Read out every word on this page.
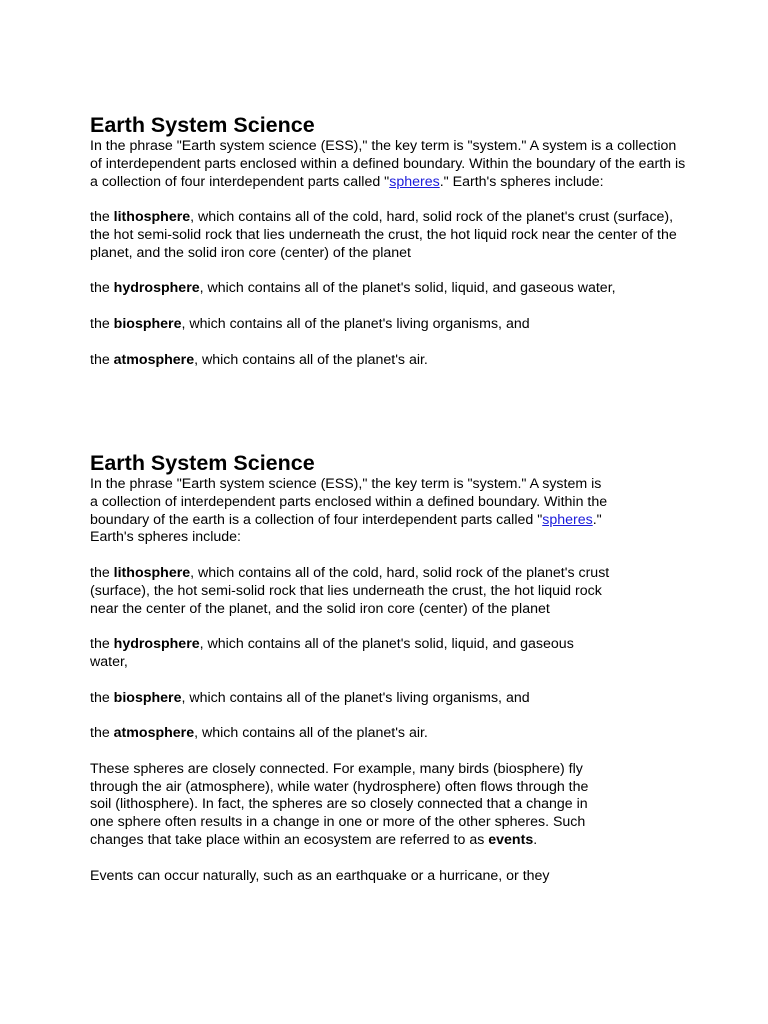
Earth System Science

In the phrase "Earth system science (ESS)," the key term is "system." A system is a collection of interdependent parts enclosed within a defined boundary. Within the boundary of the earth is a collection of four interdependent parts called "spheres." Earth's spheres include:

the lithosphere, which contains all of the cold, hard, solid rock of the planet's crust (surface), the hot semi-solid rock that lies underneath the crust, the hot liquid rock near the center of the planet, and the solid iron core (center) of the planet

the hydrosphere, which contains all of the planet's solid, liquid, and gaseous water,

the biosphere, which contains all of the planet's living organisms, and

the atmosphere, which contains all of the planet's air.

Earth System Science

In the phrase "Earth system science (ESS)," the key term is "system." A system is a collection of interdependent parts enclosed within a defined boundary. Within the boundary of the earth is a collection of four interdependent parts called "spheres." Earth's spheres include:

the lithosphere, which contains all of the cold, hard, solid rock of the planet's crust (surface), the hot semi-solid rock that lies underneath the crust, the hot liquid rock near the center of the planet, and the solid iron core (center) of the planet

the hydrosphere, which contains all of the planet's solid, liquid, and gaseous water,

the biosphere, which contains all of the planet's living organisms, and

the atmosphere, which contains all of the planet's air.

These spheres are closely connected. For example, many birds (biosphere) fly through the air (atmosphere), while water (hydrosphere) often flows through the soil (lithosphere). In fact, the spheres are so closely connected that a change in one sphere often results in a change in one or more of the other spheres. Such changes that take place within an ecosystem are referred to as events.

Events can occur naturally, such as an earthquake or a hurricane, or they
